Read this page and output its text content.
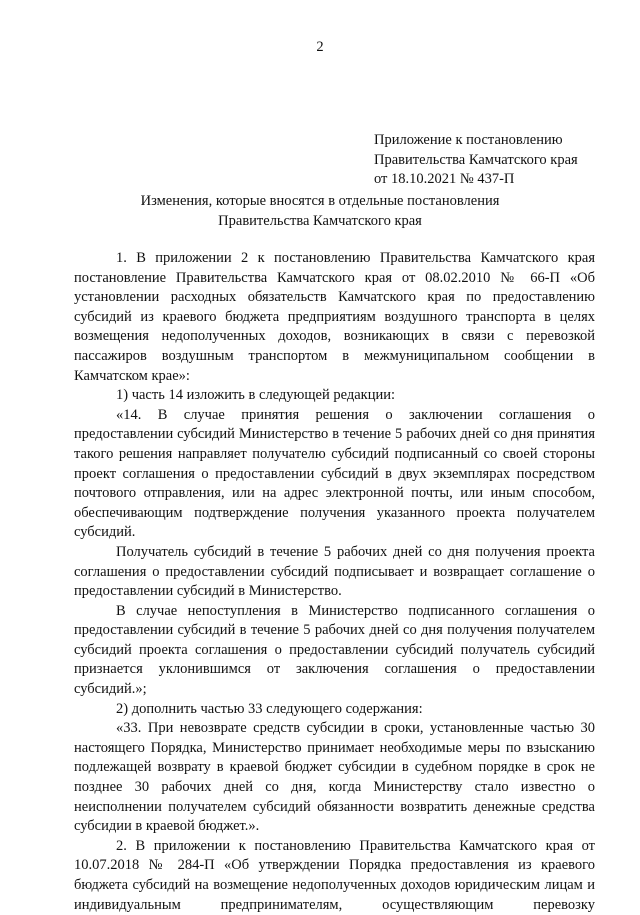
2
Приложение к постановлению
Правительства Камчатского края
от 18.10.2021 № 437-П
Изменения, которые вносятся в отдельные постановления
Правительства Камчатского края

1. В приложении 2 к постановлению Правительства Камчатского края постановление Правительства Камчатского края от 08.02.2010 № 66-П «Об установлении расходных обязательств Камчатского края по предоставлению субсидий из краевого бюджета предприятиям воздушного транспорта в целях возмещения недополученных доходов, возникающих в связи с перевозкой пассажиров воздушным транспортом в межмуниципальном сообщении в Камчатском крае»:

1) часть 14 изложить в следующей редакции:

«14. В случае принятия решения о заключении соглашения о предоставлении субсидий Министерство в течение 5 рабочих дней со дня принятия такого решения направляет получателю субсидий подписанный со своей стороны проект соглашения о предоставлении субсидий в двух экземплярах посредством почтового отправления, или на адрес электронной почты, или иным способом, обеспечивающим подтверждение получения указанного проекта получателем субсидий.

Получатель субсидий в течение 5 рабочих дней со дня получения проекта соглашения о предоставлении субсидий подписывает и возвращает соглашение о предоставлении субсидий в Министерство.

В случае непоступления в Министерство подписанного соглашения о предоставлении субсидий в течение 5 рабочих дней со дня получения получателем субсидий проекта соглашения о предоставлении субсидий получатель субсидий признается уклонившимся от заключения соглашения о предоставлении субсидий.»;

2) дополнить частью 33 следующего содержания:

«33. При невозврате средств субсидии в сроки, установленные частью 30 настоящего Порядка, Министерство принимает необходимые меры по взысканию подлежащей возврату в краевой бюджет субсидии в судебном порядке в срок не позднее 30 рабочих дней со дня, когда Министерству стало известно о неисполнении получателем субсидий обязанности возвратить денежные средства субсидии в краевой бюджет.».

2. В приложении к постановлению Правительства Камчатского края от 10.07.2018 № 284-П «Об утверждении Порядка предоставления из краевого бюджета субсидий на возмещение недополученных доходов юридическим лицам и индивидуальным предпринимателям, осуществляющим перевозку
